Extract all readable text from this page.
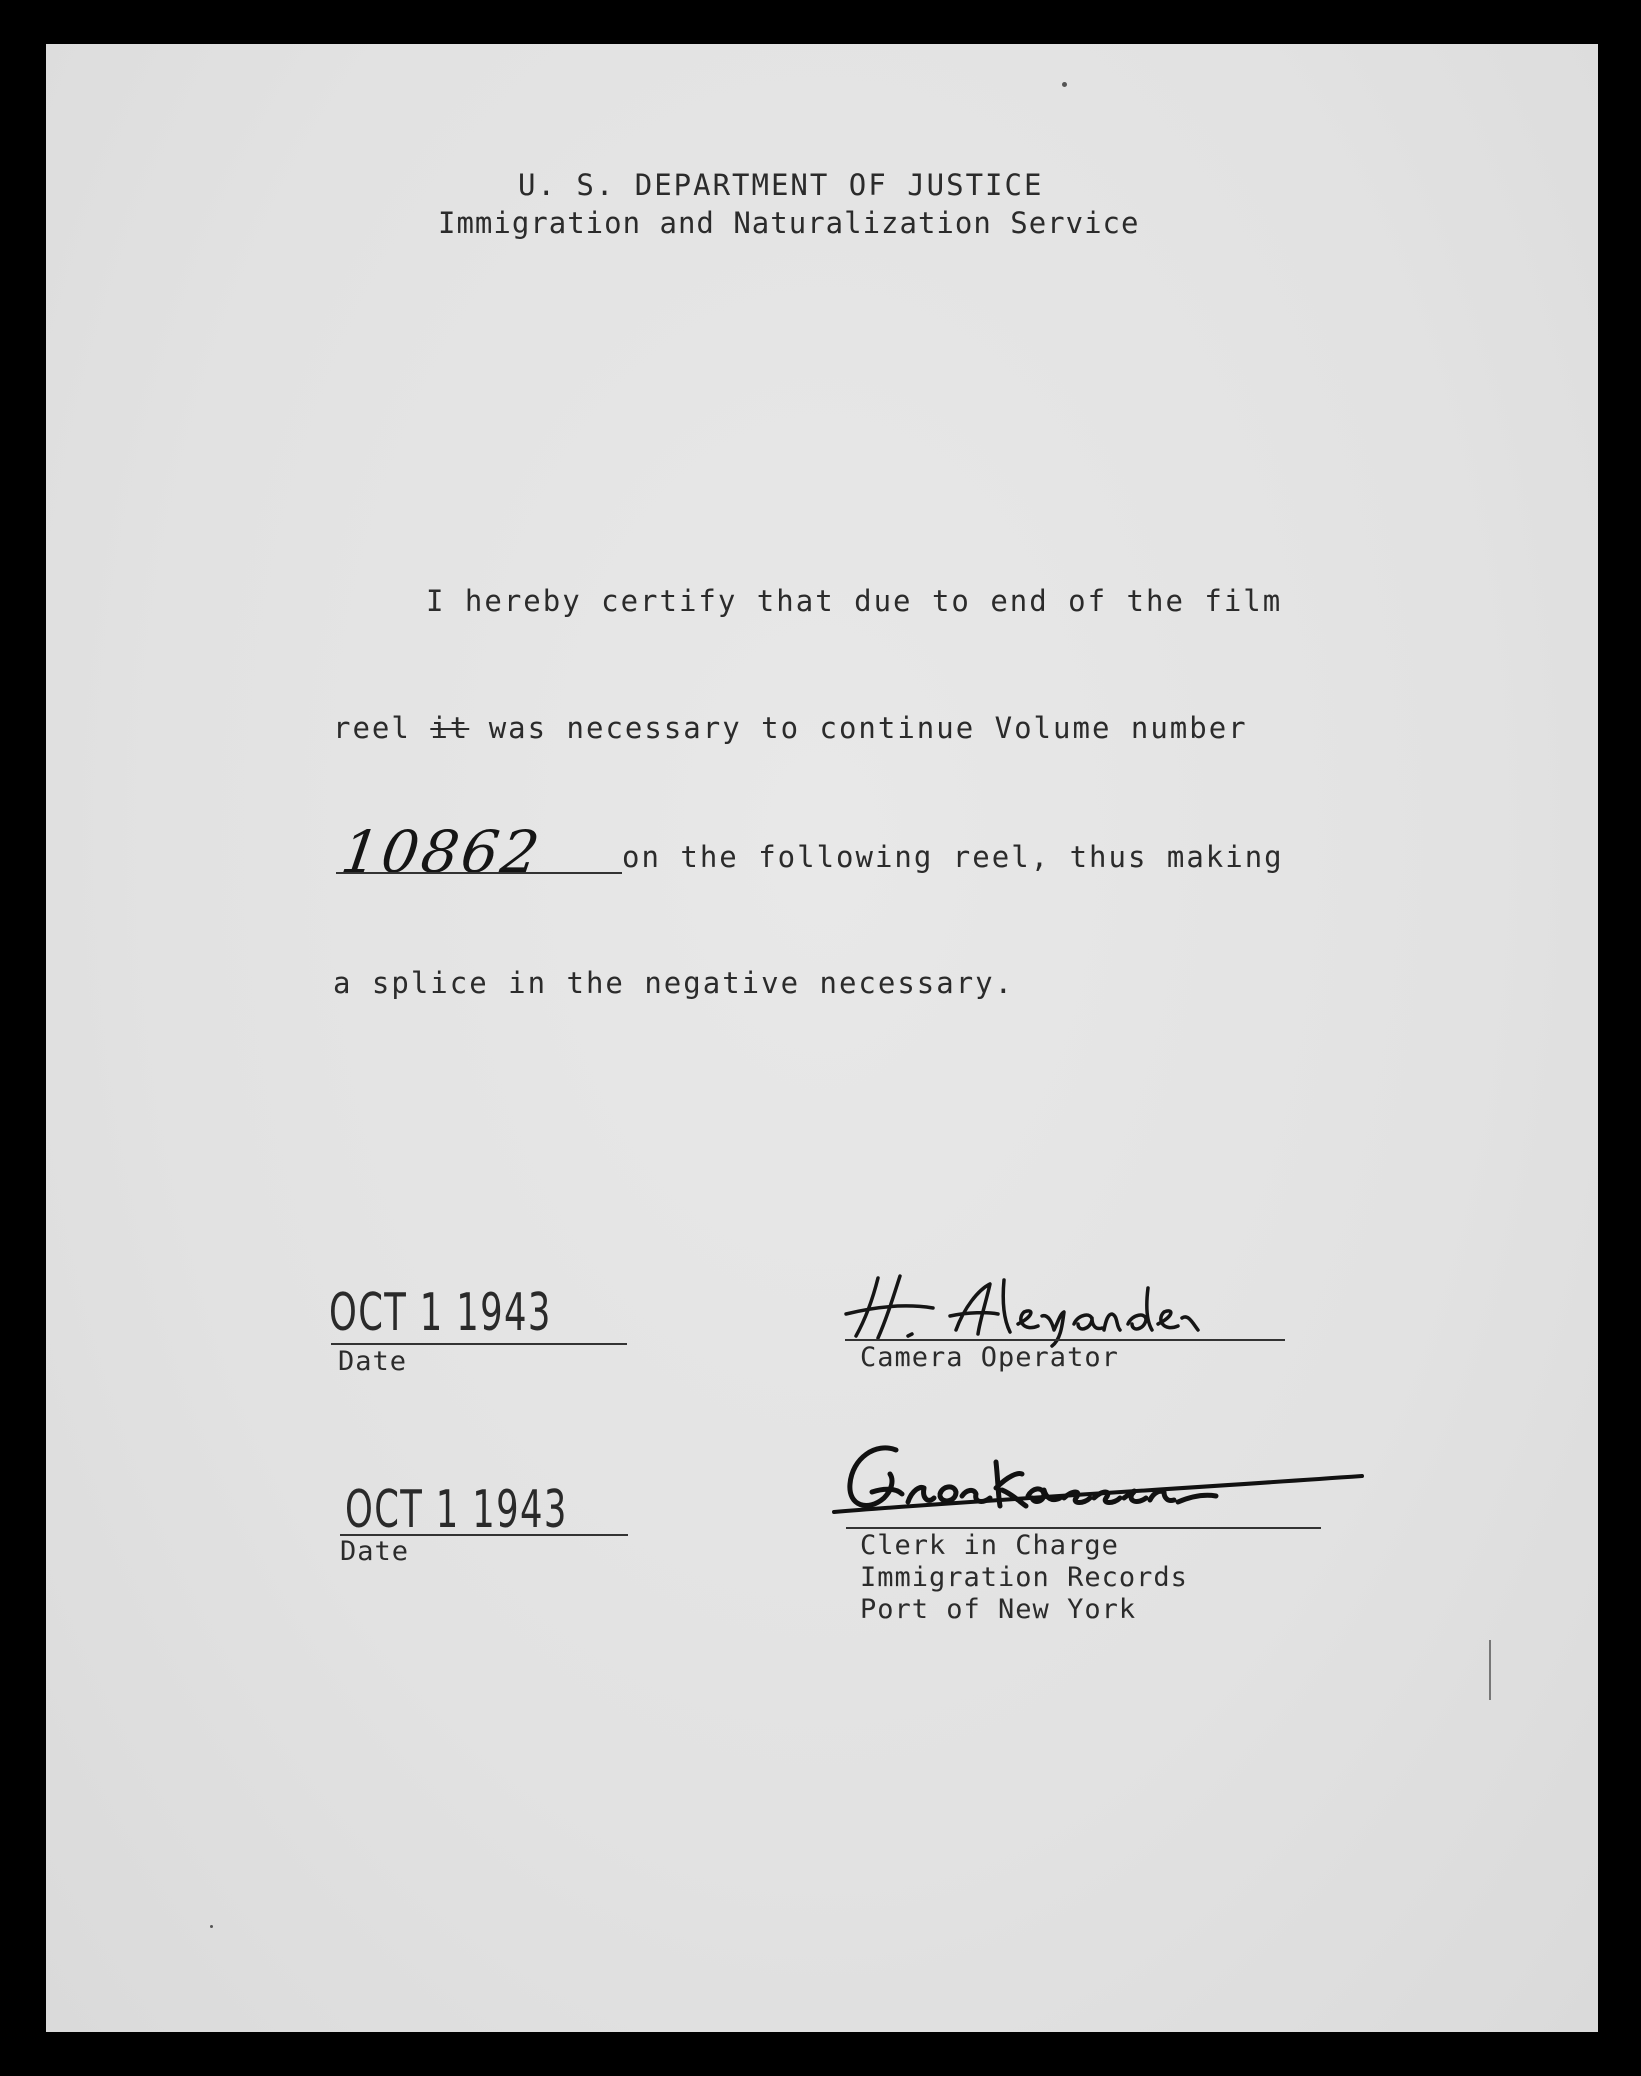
U. S. DEPARTMENT OF JUSTICE
Immigration and Naturalization Service
I hereby certify that due to end of the film
reel it was necessary to continue Volume number
10862	on the following reel, thus making
a splice in the negative necessary.
OCT 1 1943
Date	Camera Operator
OCT 1 1943
Date	Clerk in Charge
Immigration Records
Port of New York
